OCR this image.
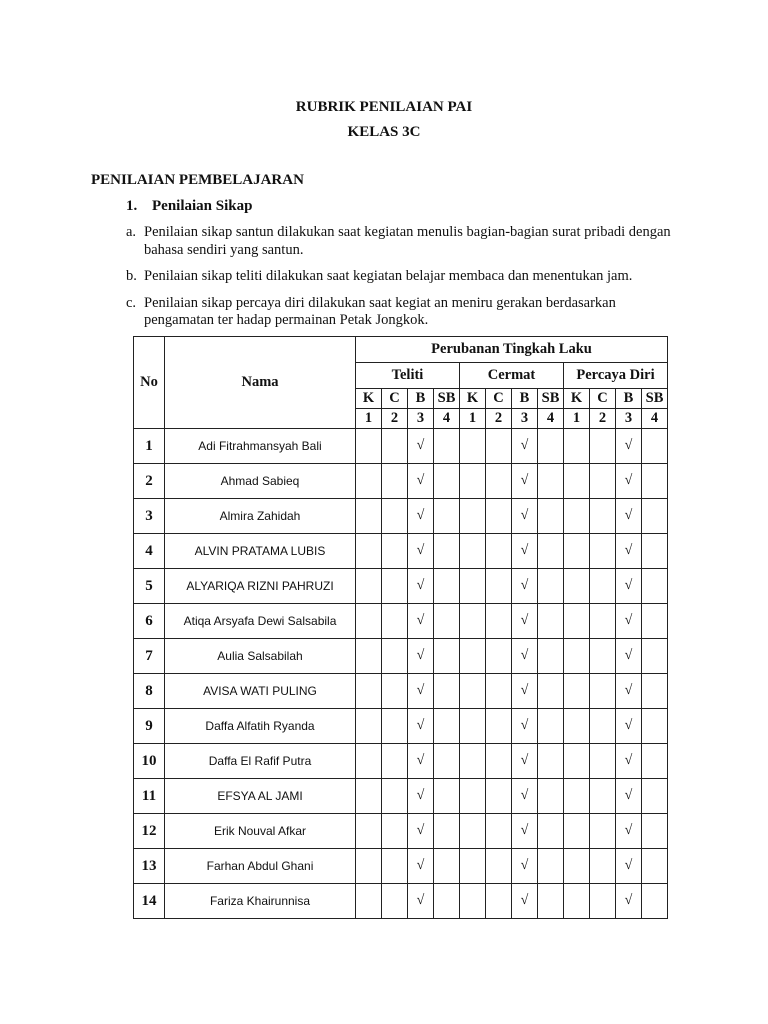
RUBRIK PENILAIAN PAI
KELAS 3C
PENILAIAN PEMBELAJARAN
1. Penilaian Sikap
a. Penilaian sikap santun dilakukan saat kegiatan menulis bagian-bagian surat pribadi dengan bahasa sendiri yang santun.
b. Penilaian sikap teliti dilakukan saat kegiatan belajar membaca dan menentukan jam.
c. Penilaian sikap percaya diri dilakukan saat kegiat an meniru gerakan berdasarkan pengamatan ter hadap permainan Petak Jongkok.
No	Nama	Perubanan Tingkah Laku											
		Teliti				Cermat				Percaya Diri			
		K	C	B	SB	K	C	B	SB	K	C	B	SB
		1	2	3	4	1	2	3	4	1	2	3	4
1	Adi Fitrahmansyah Bali			√				√				√	
2	Ahmad Sabieq			√				√				√	
3	Almira Zahidah			√				√				√	
4	ALVIN PRATAMA LUBIS			√				√				√	
5	ALYARIQA RIZNI PAHRUZI			√				√				√	
6	Atiqa Arsyafa Dewi Salsabila			√				√				√	
7	Aulia Salsabilah			√				√				√	
8	AVISA WATI PULING			√				√				√	
9	Daffa Alfatih Ryanda			√				√				√	
10	Daffa El Rafif Putra			√				√				√	
11	EFSYA AL JAMI			√				√				√	
12	Erik Nouval Afkar			√				√				√	
13	Farhan Abdul Ghani			√				√				√	
14	Fariza Khairunnisa			√				√				√	
